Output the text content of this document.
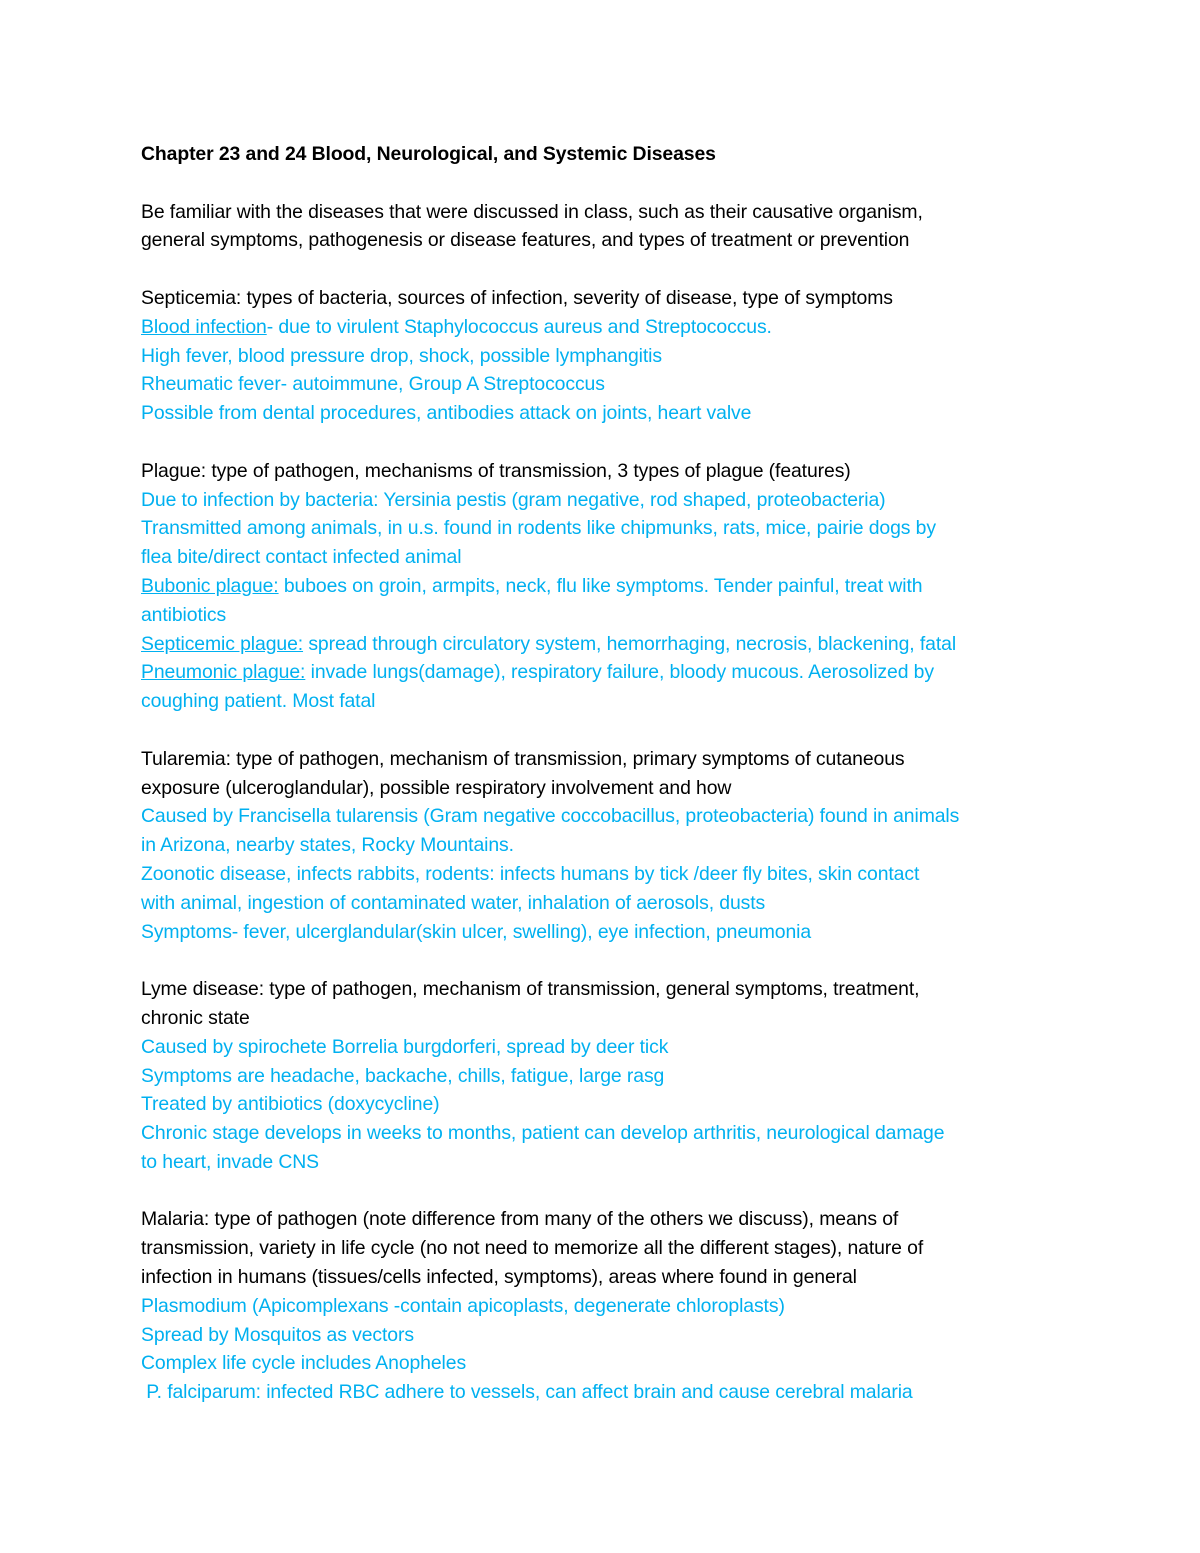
Chapter 23 and 24 Blood, Neurological, and Systemic Diseases

Be familiar with the diseases that were discussed in class, such as their causative organism,

general symptoms, pathogenesis or disease features, and types of treatment or prevention

Septicemia: types of bacteria, sources of infection, severity of disease, type of symptoms

Blood infection- due to virulent Staphylococcus aureus and Streptococcus.

High fever, blood pressure drop, shock, possible lymphangitis

Rheumatic fever- autoimmune, Group A Streptococcus

Possible from dental procedures, antibodies attack on joints, heart valve

Plague: type of pathogen, mechanisms of transmission, 3 types of plague (features)

Due to infection by bacteria: Yersinia pestis (gram negative, rod shaped, proteobacteria)

Transmitted among animals, in u.s. found in rodents like chipmunks, rats, mice, pairie dogs by

flea bite/direct contact infected animal

Bubonic plague: buboes on groin, armpits, neck, flu like symptoms. Tender painful, treat with

antibiotics

Septicemic plague: spread through circulatory system, hemorrhaging, necrosis, blackening, fatal

Pneumonic plague: invade lungs(damage), respiratory failure, bloody mucous. Aerosolized by

coughing patient. Most fatal

Tularemia: type of pathogen, mechanism of transmission, primary symptoms of cutaneous

exposure (ulceroglandular), possible respiratory involvement and how

Caused by Francisella tularensis (Gram negative coccobacillus, proteobacteria) found in animals

in Arizona, nearby states, Rocky Mountains.

Zoonotic disease, infects rabbits, rodents: infects humans by tick /deer fly bites, skin contact

with animal, ingestion of contaminated water, inhalation of aerosols, dusts

Symptoms- fever, ulcerglandular(skin ulcer, swelling), eye infection, pneumonia

Lyme disease: type of pathogen, mechanism of transmission, general symptoms, treatment,

chronic state

Caused by spirochete Borrelia burgdorferi, spread by deer tick

Symptoms are headache, backache, chills, fatigue, large rasg

Treated by antibiotics (doxycycline)

Chronic stage develops in weeks to months, patient can develop arthritis, neurological damage

to heart, invade CNS

Malaria: type of pathogen (note difference from many of the others we discuss), means of

transmission, variety in life cycle (no not need to memorize all the different stages), nature of

infection in humans (tissues/cells infected, symptoms), areas where found in general

Plasmodium (Apicomplexans -contain apicoplasts, degenerate chloroplasts)

Spread by Mosquitos as vectors

Complex life cycle includes Anopheles

P. falciparum: infected RBC adhere to vessels, can affect brain and cause cerebral malaria
